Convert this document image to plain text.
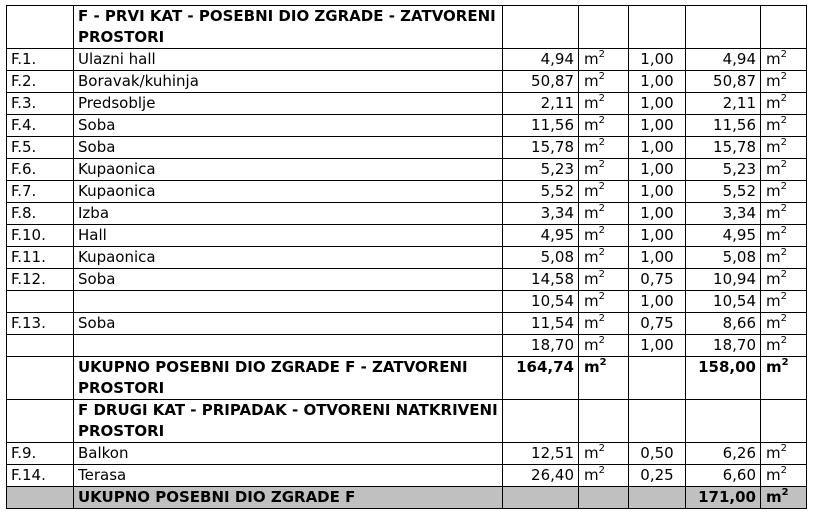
	F - PRVI KAT - POSEBNI DIO ZGRADE - ZATVORENI PROSTORI					
F.1.	Ulazni hall	4,94	$m^2$	1,00	4,94	$m^2$
F.2.	Boravak/kuhinja	50,87	$m^2$	1,00	50,87	$m^2$
F.3.	Predsoblje	2,11	$m^2$	1,00	2,11	$m^2$
F.4.	Soba	11,56	$m^2$	1,00	11,56	$m^2$
F.5.	Soba	15,78	$m^2$	1,00	15,78	$m^2$
F.6.	Kupaonica	5,23	$m^2$	1,00	5,23	$m^2$
F.7.	Kupaonica	5,52	$m^2$	1,00	5,52	$m^2$
F.8.	Izba	3,34	$m^2$	1,00	3,34	$m^2$
F.10.	Hall	4,95	$m^2$	1,00	4,95	$m^2$
F.11.	Kupaonica	5,08	$m^2$	1,00	5,08	$m^2$
F.12.	Soba	14,58	$m^2$	0,75	10,94	$m^2$
		10,54	$m^2$	1,00	10,54	$m^2$
F.13.	Soba	11,54	$m^2$	0,75	8,66	$m^2$
		18,70	$m^2$	1,00	18,70	$m^2$
	UKUPNO POSEBNI DIO ZGRADE F - ZATVORENI PROSTORI	164,74	$m^2$		158,00	$m^2$
	F DRUGI KAT - PRIPADAK - OTVORENI NATKRIVENI PROSTORI					
F.9.	Balkon	12,51	$m^2$	0,50	6,26	$m^2$
F.14.	Terasa	26,40	$m^2$	0,25	6,60	$m^2$
	UKUPNO POSEBNI DIO ZGRADE F				171,00	$m^2$
